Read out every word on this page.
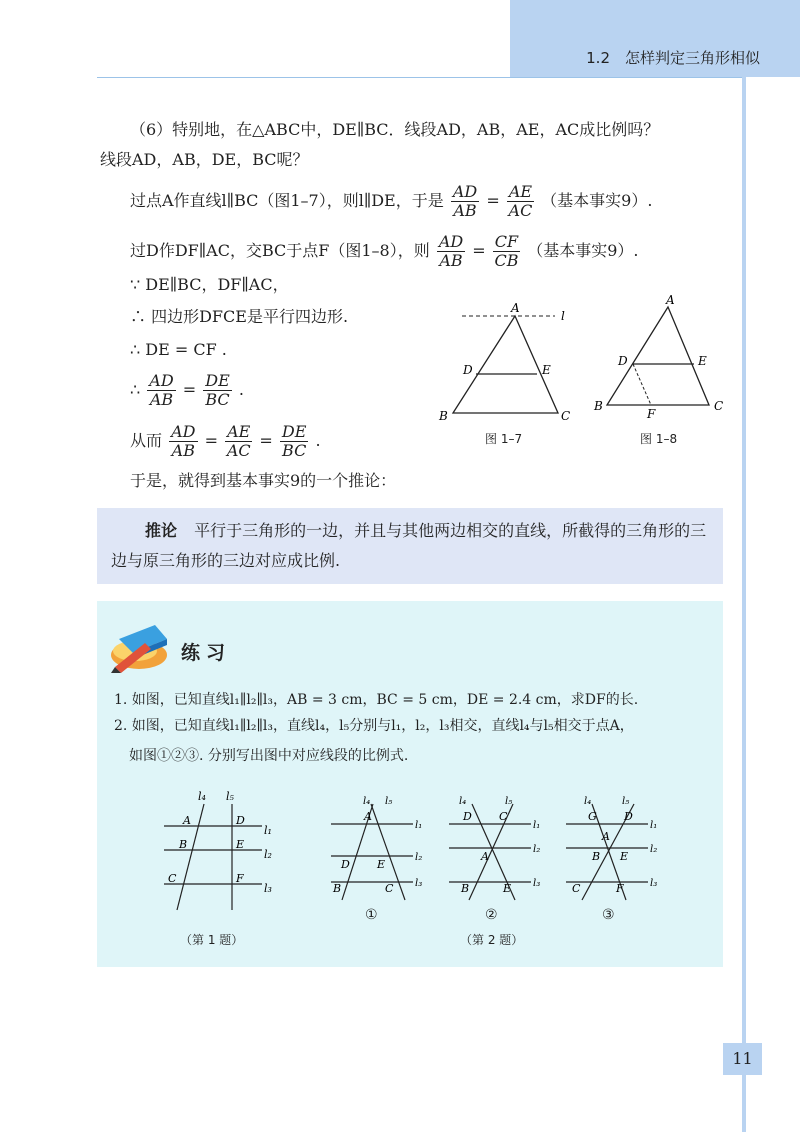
1.2　怎样判定三角形相似
（6）特别地，在△ABC中，DE∥BC．线段AD，AB，AE，AC成比例吗？
线段AD，AB，DE，BC呢？
过点A作直线l∥BC（图1–7），则l∥DE，于是 $\frac{AD}{AB} = \frac{AE}{AC}$ （基本事实9）.
过D作DF∥AC，交BC于点F（图1–8），则 $\frac{AD}{AB} = \frac{CF}{CB}$ （基本事实9）.
∵ DE∥BC，DF∥AC，
∴ 四边形DFCE是平行四边形.
∴ DE = CF .
∴ $\frac{AD}{AB} = \frac{DE}{BC}$ .
从而 $\frac{AD}{AB} = \frac{AE}{AC} = \frac{DE}{BC}$ .
于是，就得到基本事实9的一个推论：
A
l
D	E
B	C
图 1–7
A
D	E
B
F
C
图 1–8
推论 平行于三角形的一边，并且与其他两边相交的直线，所截得的三角形的三边与原三角形的三边对应成比例.
练习
1. 如图，已知直线l₁∥l₂∥l₃，AB = 3 cm，BC = 5 cm，DE = 2.4 cm，求DF的长.
2. 如图，已知直线l₁∥l₂∥l₃，直线l₄，l₅分别与l₁，l₂，l₃相交，直线l₄与l₅相交于点A，
如图①②③. 分别写出图中对应线段的比例式.
l₄ l₅
l₁
l₂
l₃
A	D
B	E
C	F
（第 1 题）
l₄ l₅
l₁
l₂
l₃
A
D E
B	C
①
l₄	l₅
l₁
l₂
l₃
D C
A
B	E
②
l₄	l₅
l₁
l₂
l₃
G D
A
B E
C	F
③
（第 2 题）
11
